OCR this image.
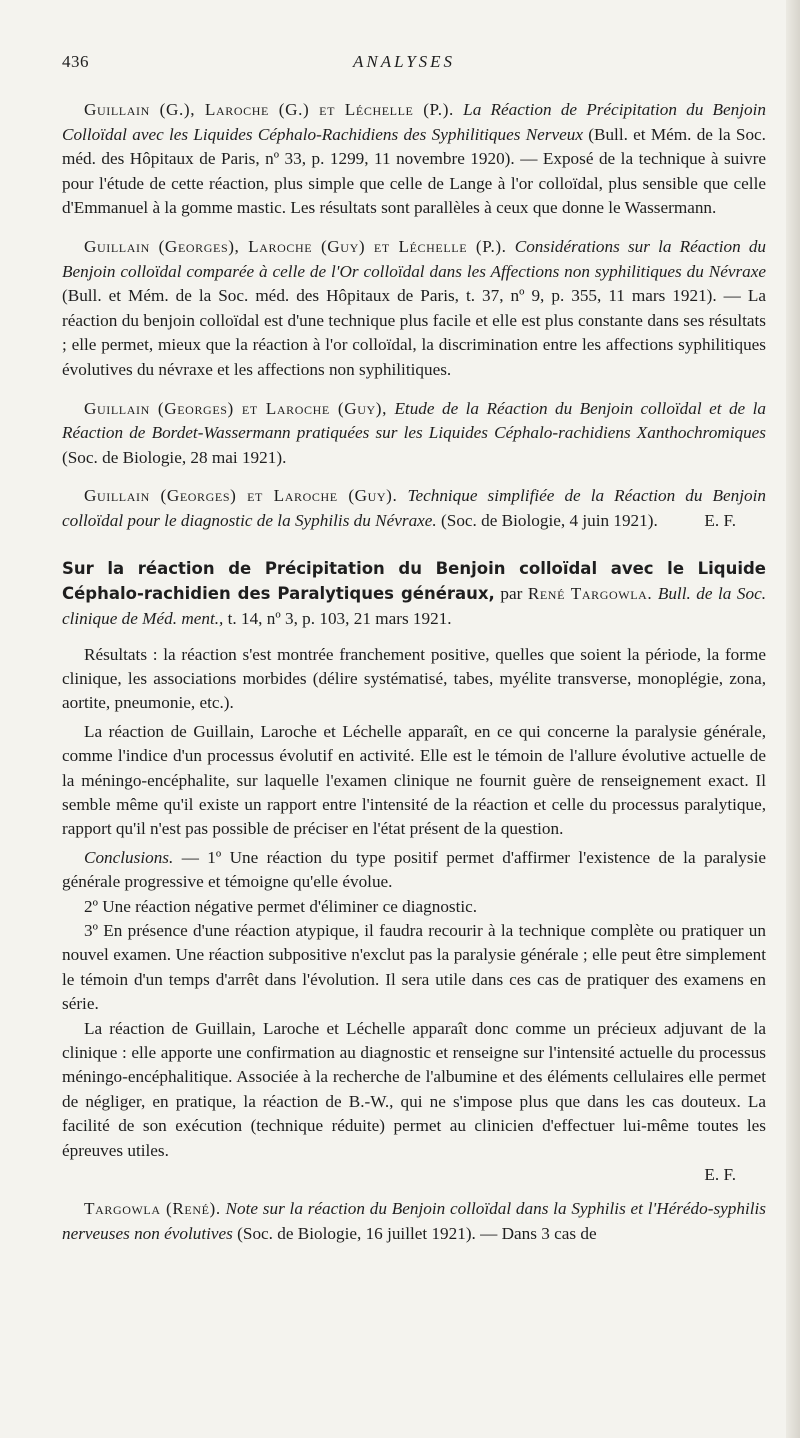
436	ANALYSES

Guillain (G.), Laroche (G.) et Léchelle (P.). La Réaction de Précipitation du Benjoin Colloïdal avec les Liquides Céphalo-Rachidiens des Syphilitiques Nerveux (Bull. et Mém. de la Soc. méd. des Hôpitaux de Paris, nº 33, p. 1299, 11 novembre 1920). — Exposé de la technique à suivre pour l'étude de cette réaction, plus simple que celle de Lange à l'or colloïdal, plus sensible que celle d'Emmanuel à la gomme mastic. Les résultats sont parallèles à ceux que donne le Wassermann.

Guillain (Georges), Laroche (Guy) et Léchelle (P.). Considérations sur la Réaction du Benjoin colloïdal comparée à celle de l'Or colloïdal dans les Affections non syphilitiques du Névraxe (Bull. et Mém. de la Soc. méd. des Hôpitaux de Paris, t. 37, nº 9, p. 355, 11 mars 1921). — La réaction du benjoin colloïdal est d'une technique plus facile et elle est plus constante dans ses résultats ; elle permet, mieux que la réaction à l'or colloïdal, la discrimination entre les affections syphilitiques évolutives du névraxe et les affections non syphilitiques.

Guillain (Georges) et Laroche (Guy), Etude de la Réaction du Benjoin colloïdal et de la Réaction de Bordet-Wassermann pratiquées sur les Liquides Céphalo-rachidiens Xanthochromiques (Soc. de Biologie, 28 mai 1921).

Guillain (Georges) et Laroche (Guy). Technique simplifiée de la Réaction du Benjoin colloïdal pour le diagnostic de la Syphilis du Névraxe. (Soc. de Biologie, 4 juin 1921).	E. F.

Sur la réaction de Précipitation du Benjoin colloïdal avec le Liquide Céphalo-rachidien des Paralytiques généraux, par René Targowla. Bull. de la Soc. clinique de Méd. ment., t. 14, nº 3, p. 103, 21 mars 1921.

Résultats : la réaction s'est montrée franchement positive, quelles que soient la période, la forme clinique, les associations morbides (délire systématisé, tabes, myélite transverse, monoplégie, zona, aortite, pneumonie, etc.).

La réaction de Guillain, Laroche et Léchelle apparaît, en ce qui concerne la paralysie générale, comme l'indice d'un processus évolutif en activité. Elle est le témoin de l'allure évolutive actuelle de la méningo-encéphalite, sur laquelle l'examen clinique ne fournit guère de renseignement exact. Il semble même qu'il existe un rapport entre l'intensité de la réaction et celle du processus paralytique, rapport qu'il n'est pas possible de préciser en l'état présent de la question.

Conclusions. — 1º Une réaction du type positif permet d'affirmer l'existence de la paralysie générale progressive et témoigne qu'elle évolue.

2º Une réaction négative permet d'éliminer ce diagnostic.

3º En présence d'une réaction atypique, il faudra recourir à la technique complète ou pratiquer un nouvel examen. Une réaction subpositive n'exclut pas la paralysie générale ; elle peut être simplement le témoin d'un temps d'arrêt dans l'évolution. Il sera utile dans ces cas de pratiquer des examens en série.

La réaction de Guillain, Laroche et Léchelle apparaît donc comme un précieux adjuvant de la clinique : elle apporte une confirmation au diagnostic et renseigne sur l'intensité actuelle du processus méningo-encéphalitique. Associée à la recherche de l'albumine et des éléments cellulaires elle permet de négliger, en pratique, la réaction de B.-W., qui ne s'impose plus que dans les cas douteux. La facilité de son exécution (technique réduite) permet au clinicien d'effectuer lui-même toutes les épreuves utiles.

E. F.

Targowla (René). Note sur la réaction du Benjoin colloïdal dans la Syphilis et l'Hérédo-syphilis nerveuses non évolutives (Soc. de Biologie, 16 juillet 1921). — Dans 3 cas de
